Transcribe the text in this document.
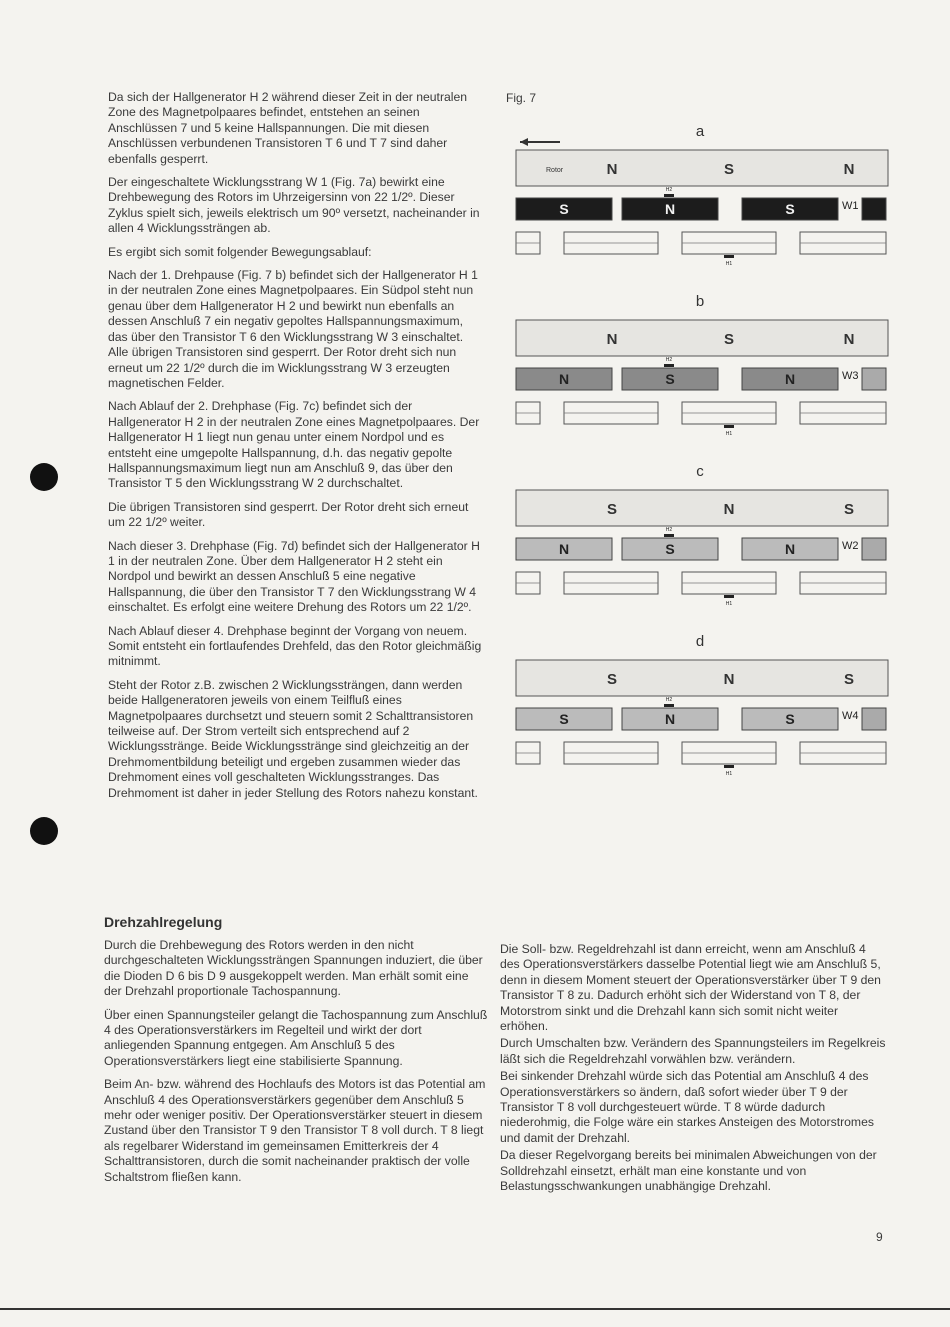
Da sich der Hallgenerator H 2 während dieser Zeit in der neutralen Zone des Magnetpolpaares befindet, entstehen an seinen Anschlüssen 7 und 5 keine Hallspannungen. Die mit diesen Anschlüssen verbundenen Transistoren T 6 und T 7 sind daher ebenfalls gesperrt.

Der eingeschaltete Wicklungsstrang W 1 (Fig. 7a) bewirkt eine Drehbewegung des Rotors im Uhrzeigersinn von 22 1/2º. Dieser Zyklus spielt sich, jeweils elektrisch um 90º versetzt, nacheinander in allen 4 Wicklungssträngen ab.

Es ergibt sich somit folgender Bewegungsablauf:

Nach der 1. Drehpause (Fig. 7 b) befindet sich der Hallgenerator H 1 in der neutralen Zone eines Magnetpolpaares. Ein Südpol steht nun genau über dem Hallgenerator H 2 und bewirkt nun ebenfalls an dessen Anschluß 7 ein negativ gepoltes Hallspannungsmaximum, das über den Transistor T 6 den Wicklungsstrang W 3 einschaltet. Alle übrigen Transistoren sind gesperrt. Der Rotor dreht sich nun erneut um 22 1/2º durch die im Wicklungsstrang W 3 erzeugten magnetischen Felder.

Nach Ablauf der 2. Drehphase (Fig. 7c) befindet sich der Hallgenerator H 2 in der neutralen Zone eines Magnetpolpaares. Der Hallgenerator H 1 liegt nun genau unter einem Nordpol und es entsteht eine umgepolte Hallspannung, d.h. das negativ gepolte Hallspannungsmaximum liegt nun am Anschluß 9, das über den Transistor T 5 den Wicklungsstrang W 2 durchschaltet.

Die übrigen Transistoren sind gesperrt. Der Rotor dreht sich erneut um 22 1/2º weiter.

Nach dieser 3. Drehphase (Fig. 7d) befindet sich der Hallgenerator H 1 in der neutralen Zone. Über dem Hallgenerator H 2 steht ein Nordpol und bewirkt an dessen Anschluß 5 eine negative Hallspannung, die über den Transistor T 7 den Wicklungsstrang W 4 einschaltet. Es erfolgt eine weitere Drehung des Rotors um 22 1/2º.

Nach Ablauf dieser 4. Drehphase beginnt der Vorgang von neuem. Somit entsteht ein fortlaufendes Drehfeld, das den Rotor gleichmäßig mitnimmt.

Steht der Rotor z.B. zwischen 2 Wicklungssträngen, dann werden beide Hallgeneratoren jeweils von einem Teilfluß eines Magnetpolpaares durchsetzt und steuern somit 2 Schalttransistoren teilweise auf. Der Strom verteilt sich entsprechend auf 2 Wicklungsstränge. Beide Wicklungsstränge sind gleichzeitig an der Drehmomentbildung beteiligt und ergeben zusammen wieder das Drehmoment eines voll geschalteten Wicklungsstranges. Das Drehmoment ist daher in jeder Stellung des Rotors nahezu konstant.

Fig. 7
a
Rotor	N	S	N
S	N	S	W1
H2
H1
b
N	S	N
N	S	N	W3
H2
H1
c
S	N	S
N	S	N	W2
H2
H1
d
S	N	S
S	N	S	W4
H2
H1
Drehzahlregelung

Durch die Drehbewegung des Rotors werden in den nicht durchgeschalteten Wicklungssträngen Spannungen induziert, die über die Dioden D 6 bis D 9 ausgekoppelt werden. Man erhält somit eine der Drehzahl proportionale Tachospannung.

Über einen Spannungsteiler gelangt die Tachospannung zum Anschluß 4 des Operationsverstärkers im Regelteil und wirkt der dort anliegenden Spannung entgegen. Am Anschluß 5 des Operationsverstärkers liegt eine stabilisierte Spannung.

Beim An- bzw. während des Hochlaufs des Motors ist das Potential am Anschluß 4 des Operationsverstärkers gegenüber dem Anschluß 5 mehr oder weniger positiv. Der Operationsverstärker steuert in diesem Zustand über den Transistor T 9 den Transistor T 8 voll durch. T 8 liegt als regelbarer Widerstand im gemeinsamen Emitterkreis der 4 Schalttransistoren, durch die somit nacheinander praktisch der volle Schaltstrom fließen kann.

Die Soll- bzw. Regeldrehzahl ist dann erreicht, wenn am Anschluß 4 des Operationsverstärkers dasselbe Potential liegt wie am Anschluß 5, denn in diesem Moment steuert der Operationsverstärker über T 9 den Transistor T 8 zu. Dadurch erhöht sich der Widerstand von T 8, der Motorstrom sinkt und die Drehzahl kann sich somit nicht weiter erhöhen.

Durch Umschalten bzw. Verändern des Spannungsteilers im Regelkreis läßt sich die Regeldrehzahl vorwählen bzw. verändern.

Bei sinkender Drehzahl würde sich das Potential am Anschluß 4 des Operationsverstärkers so ändern, daß sofort wieder über T 9 der Transistor T 8 voll durchgesteuert würde. T 8 würde dadurch niederohmig, die Folge wäre ein starkes Ansteigen des Motorstromes und damit der Drehzahl.

Da dieser Regelvorgang bereits bei minimalen Abweichungen von der Solldrehzahl einsetzt, erhält man eine konstante und von Belastungsschwankungen unabhängige Drehzahl.

9
